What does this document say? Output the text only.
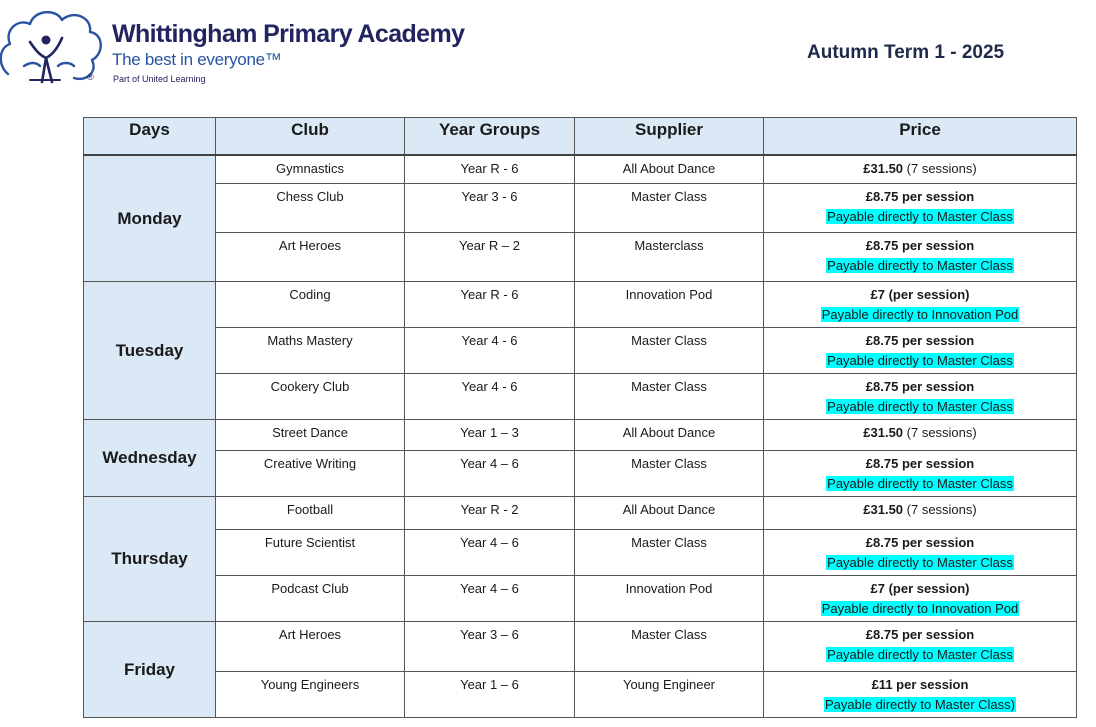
®
Whittingham Primary Academy
The best in everyone™
Part of United Learning
Autumn Term 1 - 2025
Days	Club	Year Groups	Supplier	Price
Monday	Gymnastics	Year R - 6	All About Dance	£31.50 (7 sessions)

	Chess Club	Year 3 - 6	Master Class	£8.75 per session
Payable directly to Master Class

	Art Heroes	Year R – 2	Masterclass	£8.75 per session
Payable directly to Master Class

Tuesday	Coding	Year R - 6	Innovation Pod	£7 (per session)
Payable directly to Innovation Pod

	Maths Mastery	Year 4 - 6	Master Class	£8.75 per session
Payable directly to Master Class

	Cookery Club	Year 4 - 6	Master Class	£8.75 per session
Payable directly to Master Class

Wednesday	Street Dance	Year 1 – 3	All About Dance	£31.50 (7 sessions)

	Creative Writing	Year 4 – 6	Master Class	£8.75 per session
Payable directly to Master Class

Thursday	Football	Year R - 2	All About Dance	£31.50 (7 sessions)

	Future Scientist	Year 4 – 6	Master Class	£8.75 per session
Payable directly to Master Class

	Podcast Club	Year 4 – 6	Innovation Pod	£7 (per session)
Payable directly to Innovation Pod

Friday	Art Heroes	Year 3 – 6	Master Class	£8.75 per session
Payable directly to Master Class

	Young Engineers	Year 1 – 6	Young Engineer	£11 per session
Payable directly to Master Class)
